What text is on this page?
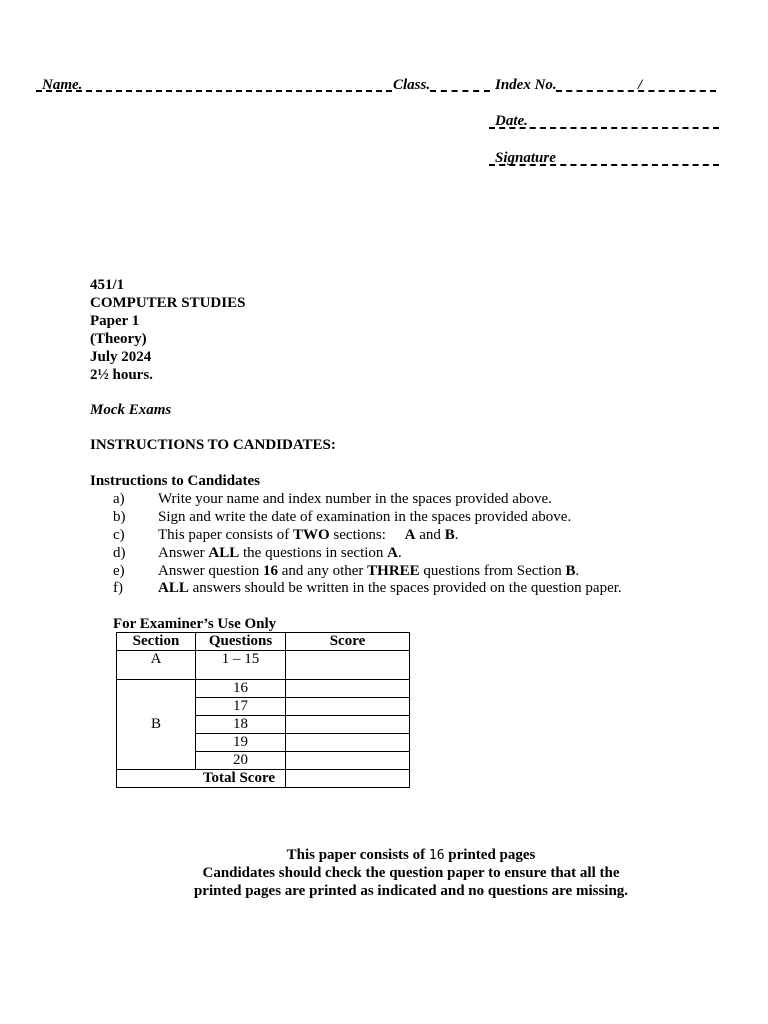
Name.	Class.	Index No.	/
Date.
Signature
451/1
COMPUTER STUDIES
Paper 1
(Theory)
July 2024
2½ hours.
Mock Exams
INSTRUCTIONS TO CANDIDATES:
Instructions to Candidates
a) Write your name and index number in the spaces provided above.
b) Sign and write the date of examination in the spaces provided above.
c) This paper consists of TWO sections:     A and B.
d) Answer ALL the questions in section A.
e) Answer question 16 and any other THREE questions from Section B.
f) ALL answers should be written in the spaces provided on the question paper.
For Examiner’s Use Only
Section	Questions	Score
A	1 – 15	
B	16	
	17	
	18	
	19	
	20	
Total Score		
This paper consists of 16 printed pages
Candidates should check the question paper to ensure that all the
printed pages are printed as indicated and no questions are missing.
